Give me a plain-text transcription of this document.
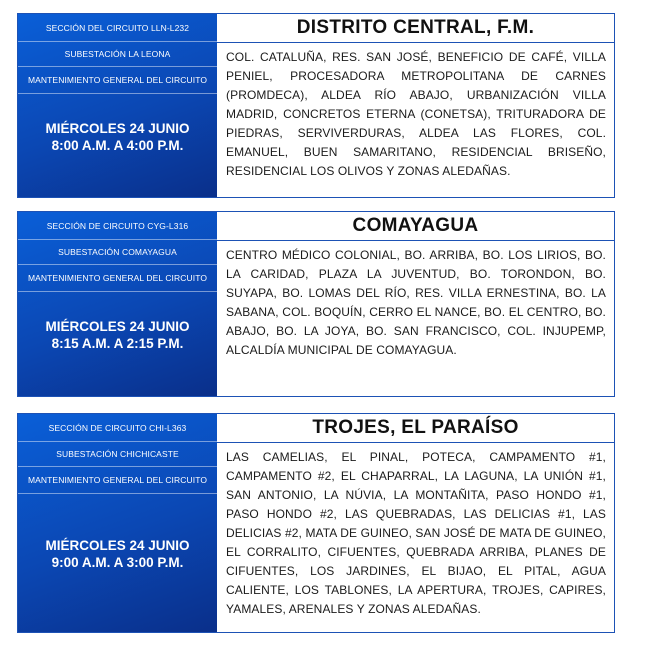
SECCIÓN DEL CIRCUITO LLN-L232
SUBESTACIÓN LA LEONA
MANTENIMIENTO GENERAL DEL CIRCUITO
MIÉRCOLES 24 JUNIO
8:00 A.M. A 4:00 P.M.
DISTRITO CENTRAL, F.M.
COL. CATALUÑA, RES. SAN JOSÉ, BENEFICIO DE CAFÉ, VILLA PENIEL, PROCESADORA METROPOLITANA DE CARNES (PROMDECA), ALDEA RÍO ABAJO, URBANIZACIÓN VILLA MADRID, CONCRETOS ETERNA (CONETSA), TRITURADORA DE PIEDRAS, SERVIVERDURAS, ALDEA LAS FLORES, COL. EMANUEL, BUEN SAMARITANO, RESIDENCIAL BRISEÑO, RESIDENCIAL LOS OLIVOS Y ZONAS ALEDAÑAS.
SECCIÓN DE CIRCUITO CYG-L316
SUBESTACIÓN COMAYAGUA
MANTENIMIENTO GENERAL DEL CIRCUITO
MIÉRCOLES 24 JUNIO
8:15 A.M. A 2:15 P.M.
COMAYAGUA
CENTRO MÉDICO COLONIAL, BO. ARRIBA, BO. LOS LIRIOS, BO. LA CARIDAD, PLAZA LA JUVENTUD, BO. TORONDON, BO. SUYAPA, BO. LOMAS DEL RÍO, RES. VILLA ERNESTINA, BO. LA SABANA, COL. BOQUÍN, CERRO EL NANCE, BO. EL CENTRO, BO. ABAJO, BO. LA JOYA, BO. SAN FRANCISCO, COL. INJUPEMP, ALCALDÍA MUNICIPAL DE COMAYAGUA.
SECCIÓN DE CIRCUITO CHI-L363
SUBESTACIÓN CHICHICASTE
MANTENIMIENTO GENERAL DEL CIRCUITO
MIÉRCOLES 24 JUNIO
9:00 A.M. A 3:00 P.M.
TROJES, EL PARAÍSO
LAS CAMELIAS, EL PINAL, POTECA, CAMPAMENTO #1, CAMPAMENTO #2, EL CHAPARRAL, LA LAGUNA, LA UNIÓN #1, SAN ANTONIO, LA NÚVIA, LA MONTAÑITA, PASO HONDO #1, PASO HONDO #2, LAS QUEBRADAS, LAS DELICIAS #1, LAS DELICIAS #2, MATA DE GUINEO, SAN JOSÉ DE MATA DE GUINEO, EL CORRALITO, CIFUENTES, QUEBRADA ARRIBA, PLANES DE CIFUENTES, LOS JARDINES, EL BIJAO, EL PITAL, AGUA CALIENTE, LOS TABLONES, LA APERTURA, TROJES, CAPIRES, YAMALES, ARENALES Y ZONAS ALEDAÑAS.
